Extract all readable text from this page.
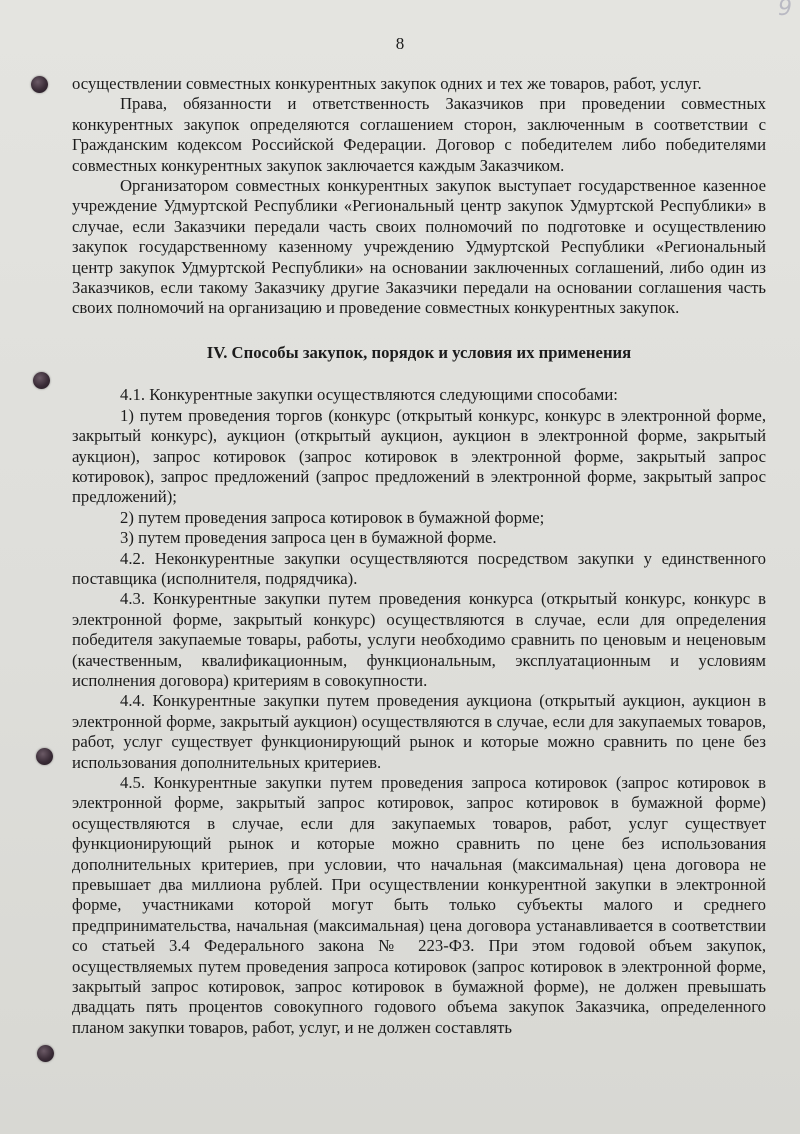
9
8

осуществлении совместных конкурентных закупок одних и тех же товаров, работ, услуг.

Права, обязанности и ответственность Заказчиков при проведении совместных конкурентных закупок определяются соглашением сторон, заключенным в соответствии с Гражданским кодексом Российской Федерации. Договор с победителем либо победителями совместных конкурентных закупок заключается каждым Заказчиком.

Организатором совместных конкурентных закупок выступает государственное казенное учреждение Удмуртской Республики «Региональный центр закупок Удмуртской Республики» в случае, если Заказчики передали часть своих полномочий по подготовке и осуществлению закупок государственному казенному учреждению Удмуртской Республики «Региональный центр закупок Удмуртской Республики» на основании заключенных соглашений, либо один из Заказчиков, если такому Заказчику другие Заказчики передали на основании соглашения часть своих полномочий на организацию и проведение совместных конкурентных закупок.

IV. Способы закупок, порядок и условия их применения

4.1. Конкурентные закупки осуществляются следующими способами:

1) путем проведения торгов (конкурс (открытый конкурс, конкурс в электронной форме, закрытый конкурс), аукцион (открытый аукцион, аукцион в электронной форме, закрытый аукцион), запрос котировок (запрос котировок в электронной форме, закрытый запрос котировок), запрос предложений (запрос предложений в электронной форме, закрытый запрос предложений);

2) путем проведения запроса котировок в бумажной форме;

3) путем проведения запроса цен в бумажной форме.

4.2. Неконкурентные закупки осуществляются посредством закупки у единственного поставщика (исполнителя, подрядчика).

4.3. Конкурентные закупки путем проведения конкурса (открытый конкурс, конкурс в электронной форме, закрытый конкурс) осуществляются в случае, если для определения победителя закупаемые товары, работы, услуги необходимо сравнить по ценовым и неценовым (качественным, квалификационным, функциональным, эксплуатационным и условиям исполнения договора) критериям в совокупности.

4.4. Конкурентные закупки путем проведения аукциона (открытый аукцион, аукцион в электронной форме, закрытый аукцион) осуществляются в случае, если для закупаемых товаров, работ, услуг существует функционирующий рынок и которые можно сравнить по цене без использования дополнительных критериев.

4.5. Конкурентные закупки путем проведения запроса котировок (запрос котировок в электронной форме, закрытый запрос котировок, запрос котировок в бумажной форме) осуществляются в случае, если для закупаемых товаров, работ, услуг существует функционирующий рынок и которые можно сравнить по цене без использования дополнительных критериев, при условии, что начальная (максимальная) цена договора не превышает два миллиона рублей. При осуществлении конкурентной закупки в электронной форме, участниками которой могут быть только субъекты малого и среднего предпринимательства, начальная (максимальная) цена договора устанавливается в соответствии со статьей 3.4 Федерального закона № 223-ФЗ. При этом годовой объем закупок, осуществляемых путем проведения запроса котировок (запрос котировок в электронной форме, закрытый запрос котировок, запрос котировок в бумажной форме), не должен превышать двадцать пять процентов совокупного годового объема закупок Заказчика, определенного планом закупки товаров, работ, услуг, и не должен составлять
